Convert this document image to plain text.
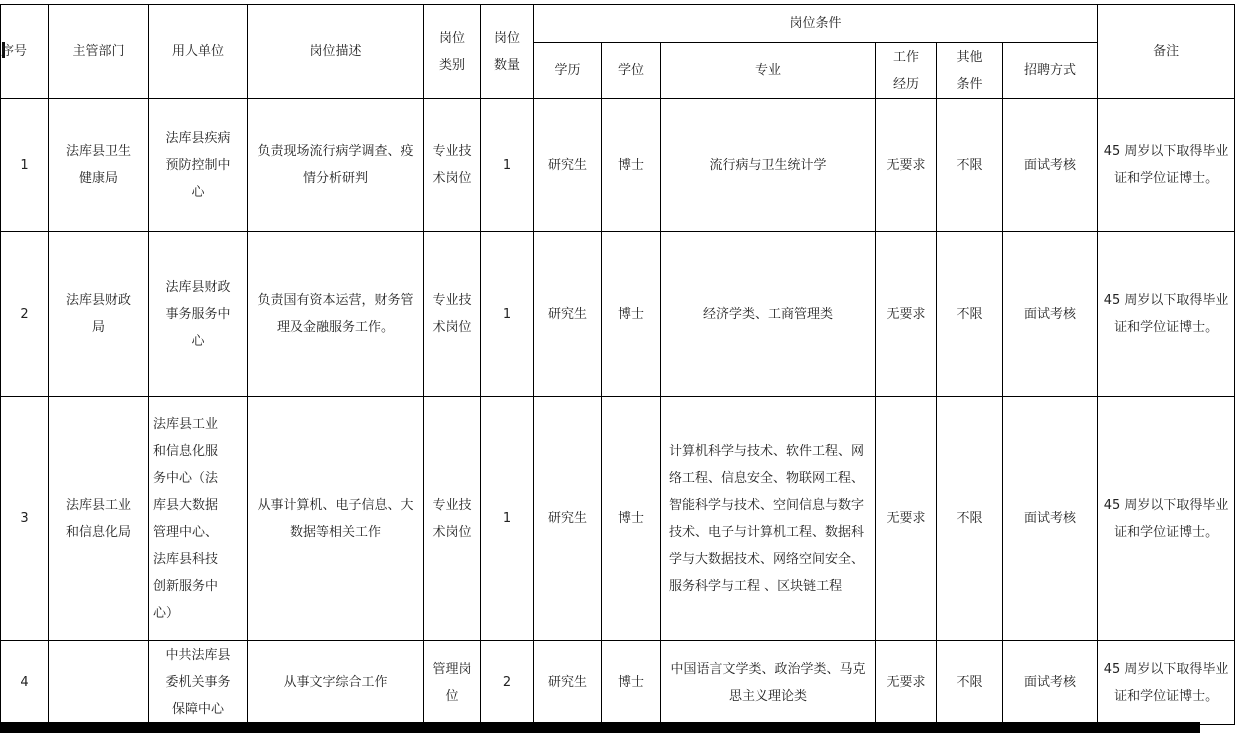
序号	主管部门	用人单位	岗位描述	岗位类别	岗位数量	岗位条件						备注
						学历	学位	专业	工作经历	其他条件	招聘方式	
1	法库县卫生健康局	法库县疾病预防控制中心	负责现场流行病学调查、疫情分析研判	专业技术岗位	1	研究生	博士	流行病与卫生统计学	无要求	不限	面试考核	45 周岁以下取得毕业证和学位证博士。
2	法库县财政局	法库县财政事务服务中心	负责国有资本运营，财务管理及金融服务工作。	专业技术岗位	1	研究生	博士	经济学类、工商管理类	无要求	不限	面试考核	45 周岁以下取得毕业证和学位证博士。
3	法库县工业和信息化局	法库县工业和信息化服务中心（法库县大数据管理中心、法库县科技创新服务中心）	从事计算机、电子信息、大数据等相关工作	专业技术岗位	1	研究生	博士	计算机科学与技术、软件工程、网络工程、信息安全、物联网工程、智能科学与技术、空间信息与数字技术、电子与计算机工程、数据科学与大数据技术、网络空间安全、服务科学与工程 、区块链工程	无要求	不限	面试考核	45 周岁以下取得毕业证和学位证博士。
4		中共法库县委机关事务保障中心	从事文字综合工作	管理岗位	2	研究生	博士	中国语言文学类、政治学类、马克思主义理论类	无要求	不限	面试考核	45 周岁以下取得毕业证和学位证博士。
